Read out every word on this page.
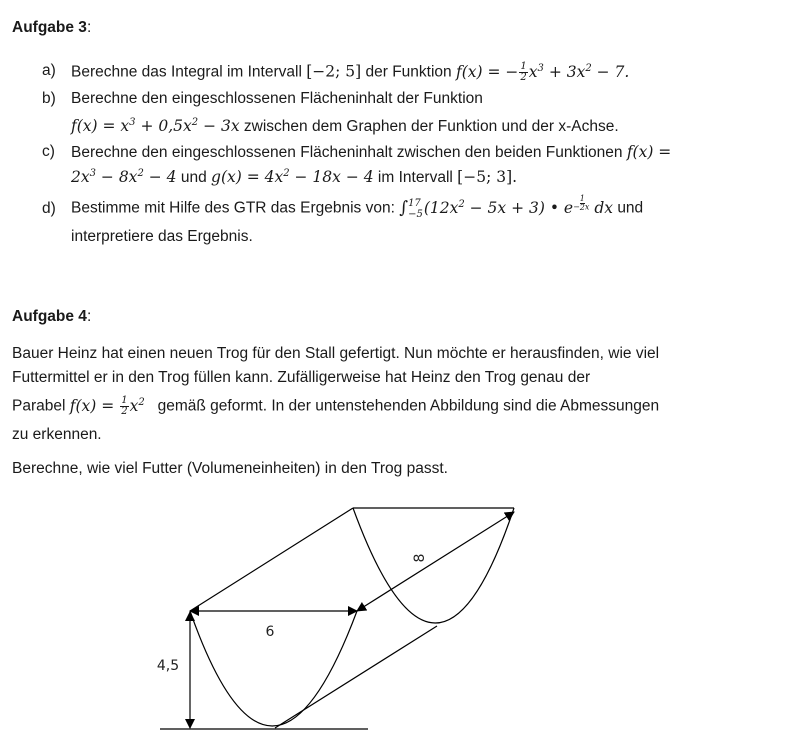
Aufgabe 3:
a) Berechne das Integral im Intervall [−2; 5] der Funktion f(x) = − $\frac{1}{2} x^3 + 3x^2 - 7$.
b) Berechne den eingeschlossenen Flächeninhalt der Funktion
$f(x) = x^3 + 0,5x^2 - 3x$ zwischen dem Graphen der Funktion und der x-Achse.
c) Berechne den eingeschlossenen Flächeninhalt zwischen den beiden Funktionen f(x) =
$2x^3 - 8x^2 - 4$ und $g(x) = 4x^2 - 18x - 4$ im Intervall [−5; 3].
d) Bestimme mit Hilfe des GTR das Ergebnis von: ∫ 17
−5 $(12x^2 - 5x + 3)$ • $e- \frac{1}{2}$ x dx und
interpretiere das Ergebnis.
Aufgabe 4:
Bauer Heinz hat einen neuen Trog für den Stall gefertigt. Nun möchte er herausfinden, wie viel
Futtermittel er in den Trog füllen kann. Zufälligerweise hat Heinz den Trog genau der
Parabel $f(x) = \frac{1}{2} x^2$ gemäß geformt. In der untenstehenden Abbildung sind die Abmessungen
zu erkennen.
Berechne, wie viel Futter (Volumeneinheiten) in den Trog passt.
8
6
4,5
